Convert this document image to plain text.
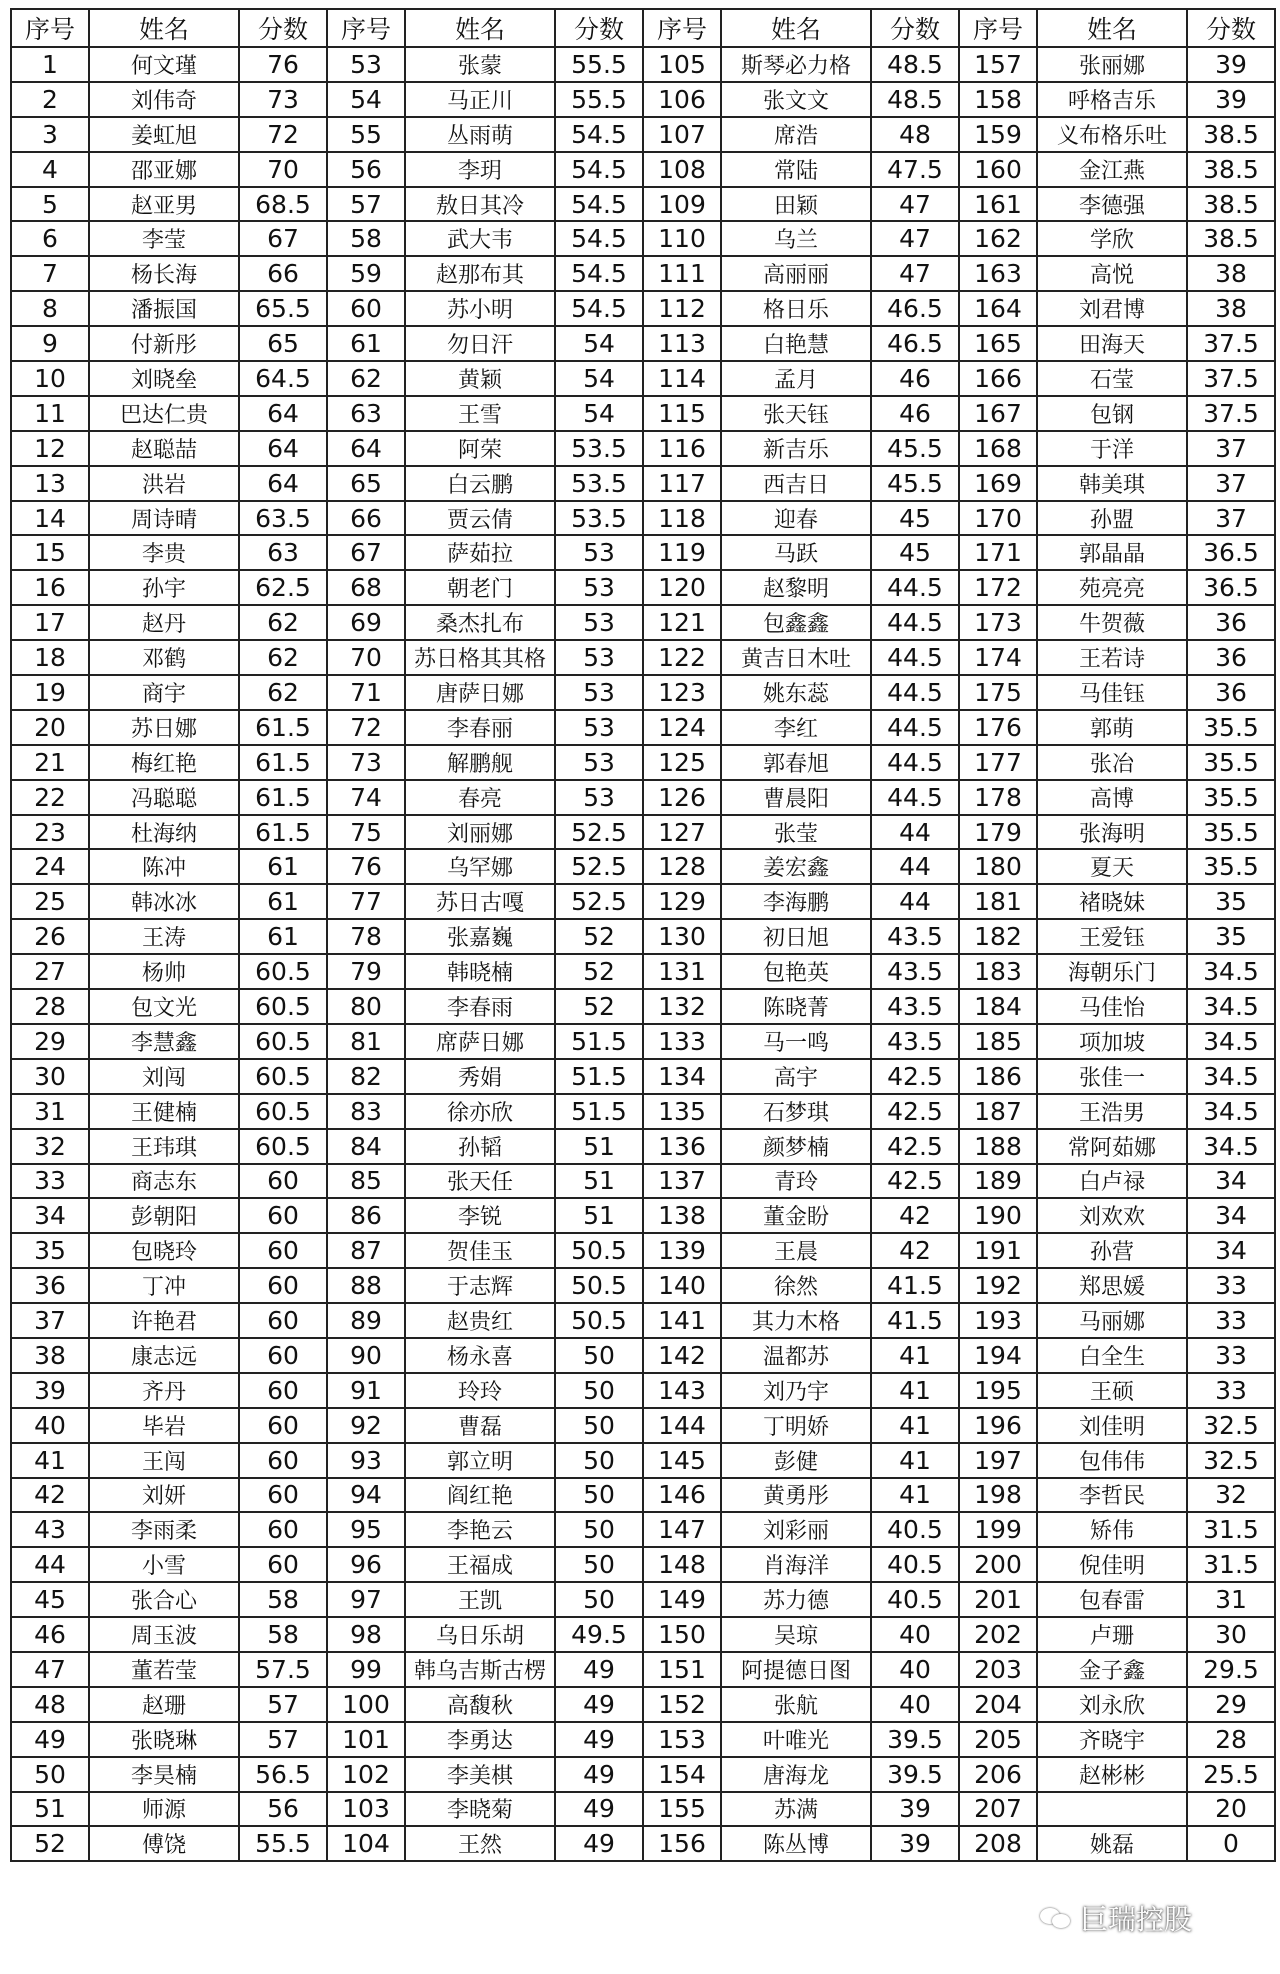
序号	姓名	分数	序号	姓名	分数	序号	姓名	分数	序号	姓名	分数
1	何文瑾	76	53	张蒙	55.5	105	斯琴必力格	48.5	157	张丽娜	39
2	刘伟奇	73	54	马正川	55.5	106	张文文	48.5	158	呼格吉乐	39
3	姜虹旭	72	55	丛雨萌	54.5	107	席浩	48	159	义布格乐吐	38.5
4	邵亚娜	70	56	李玥	54.5	108	常陆	47.5	160	金江燕	38.5
5	赵亚男	68.5	57	敖日其冷	54.5	109	田颖	47	161	李德强	38.5
6	李莹	67	58	武大韦	54.5	110	乌兰	47	162	学欣	38.5
7	杨长海	66	59	赵那布其	54.5	111	高丽丽	47	163	高悦	38
8	潘振国	65.5	60	苏小明	54.5	112	格日乐	46.5	164	刘君博	38
9	付新彤	65	61	勿日汗	54	113	白艳慧	46.5	165	田海天	37.5
10	刘晓垒	64.5	62	黄颖	54	114	孟月	46	166	石莹	37.5
11	巴达仁贵	64	63	王雪	54	115	张天钰	46	167	包钢	37.5
12	赵聪喆	64	64	阿荣	53.5	116	新吉乐	45.5	168	于洋	37
13	洪岩	64	65	白云鹏	53.5	117	西吉日	45.5	169	韩美琪	37
14	周诗晴	63.5	66	贾云倩	53.5	118	迎春	45	170	孙盟	37
15	李贵	63	67	萨茹拉	53	119	马跃	45	171	郭晶晶	36.5
16	孙宇	62.5	68	朝老门	53	120	赵黎明	44.5	172	苑亮亮	36.5
17	赵丹	62	69	桑杰扎布	53	121	包鑫鑫	44.5	173	牛贺薇	36
18	邓鹤	62	70	苏日格其其格	53	122	黄吉日木吐	44.5	174	王若诗	36
19	商宇	62	71	唐萨日娜	53	123	姚东蕊	44.5	175	马佳钰	36
20	苏日娜	61.5	72	李春丽	53	124	李红	44.5	176	郭萌	35.5
21	梅红艳	61.5	73	解鹏舰	53	125	郭春旭	44.5	177	张冶	35.5
22	冯聪聪	61.5	74	春亮	53	126	曹晨阳	44.5	178	高博	35.5
23	杜海纳	61.5	75	刘丽娜	52.5	127	张莹	44	179	张海明	35.5
24	陈冲	61	76	乌罕娜	52.5	128	姜宏鑫	44	180	夏天	35.5
25	韩冰冰	61	77	苏日古嘎	52.5	129	李海鹏	44	181	褚晓妹	35
26	王涛	61	78	张嘉巍	52	130	初日旭	43.5	182	王爱钰	35
27	杨帅	60.5	79	韩晓楠	52	131	包艳英	43.5	183	海朝乐门	34.5
28	包文光	60.5	80	李春雨	52	132	陈晓菁	43.5	184	马佳怡	34.5
29	李慧鑫	60.5	81	席萨日娜	51.5	133	马一鸣	43.5	185	项加坡	34.5
30	刘闯	60.5	82	秀娟	51.5	134	高宇	42.5	186	张佳一	34.5
31	王健楠	60.5	83	徐亦欣	51.5	135	石梦琪	42.5	187	王浩男	34.5
32	王玮琪	60.5	84	孙韬	51	136	颜梦楠	42.5	188	常阿茹娜	34.5
33	商志东	60	85	张天任	51	137	青玲	42.5	189	白卢禄	34
34	彭朝阳	60	86	李锐	51	138	董金盼	42	190	刘欢欢	34
35	包晓玲	60	87	贺佳玉	50.5	139	王晨	42	191	孙营	34
36	丁冲	60	88	于志辉	50.5	140	徐然	41.5	192	郑思媛	33
37	许艳君	60	89	赵贵红	50.5	141	其力木格	41.5	193	马丽娜	33
38	康志远	60	90	杨永喜	50	142	温都苏	41	194	白全生	33
39	齐丹	60	91	玲玲	50	143	刘乃宇	41	195	王硕	33
40	毕岩	60	92	曹磊	50	144	丁明娇	41	196	刘佳明	32.5
41	王闯	60	93	郭立明	50	145	彭健	41	197	包伟伟	32.5
42	刘妍	60	94	阎红艳	50	146	黄勇彤	41	198	李哲民	32
43	李雨柔	60	95	李艳云	50	147	刘彩丽	40.5	199	矫伟	31.5
44	小雪	60	96	王福成	50	148	肖海洋	40.5	200	倪佳明	31.5
45	张合心	58	97	王凯	50	149	苏力德	40.5	201	包春雷	31
46	周玉波	58	98	乌日乐胡	49.5	150	吴琼	40	202	卢珊	30
47	董若莹	57.5	99	韩乌吉斯古楞	49	151	阿提德日图	40	203	金子鑫	29.5
48	赵珊	57	100	高馥秋	49	152	张航	40	204	刘永欣	29
49	张晓琳	57	101	李勇达	49	153	叶唯光	39.5	205	齐晓宇	28
50	李昊楠	56.5	102	李美棋	49	154	唐海龙	39.5	206	赵彬彬	25.5
51	师源	56	103	李晓菊	49	155	苏满	39	207		20
52	傅饶	55.5	104	王然	49	156	陈丛博	39	208	姚磊	0
巨瑞控股
